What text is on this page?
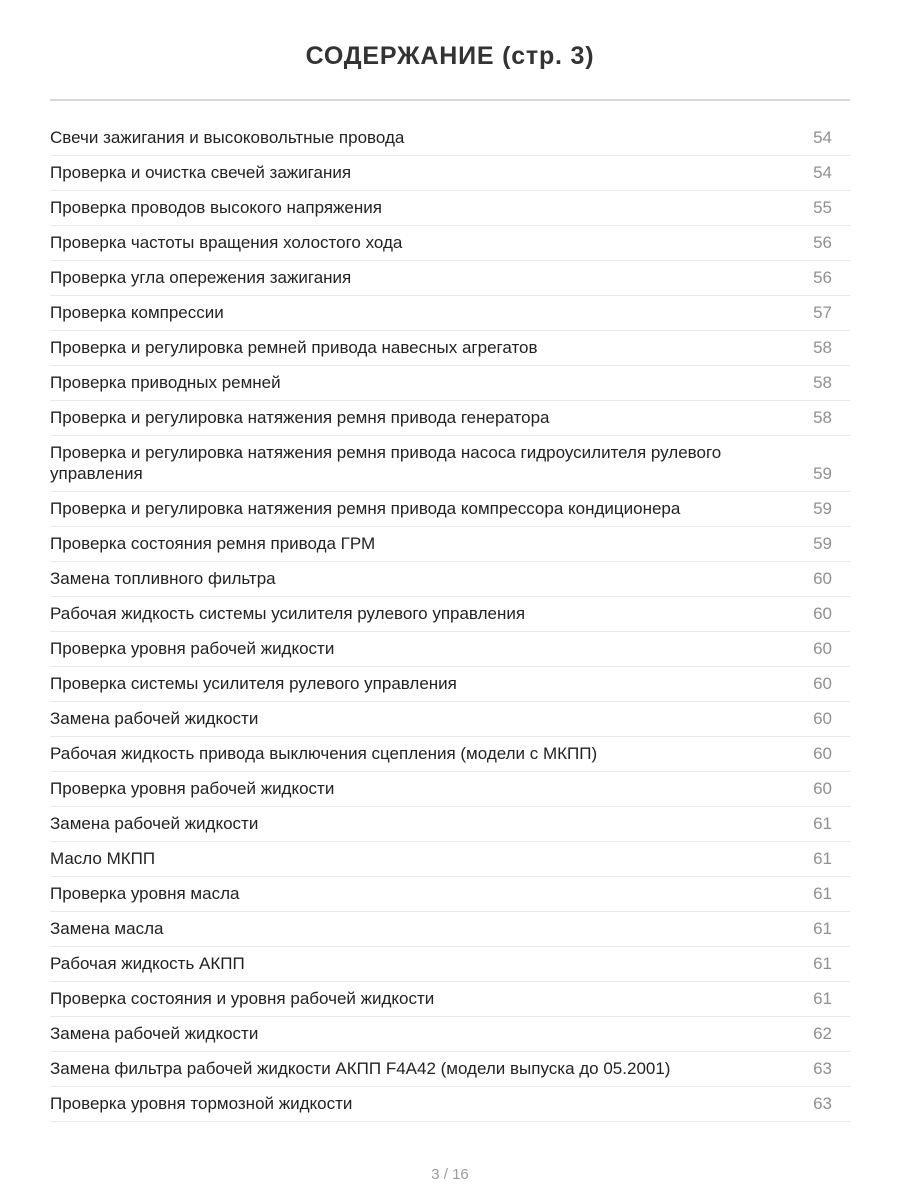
СОДЕРЖАНИЕ (стр. 3)
Свечи зажигания и высоковольтные провода	54
Проверка и очистка свечей зажигания	54
Проверка проводов высокого напряжения	55
Проверка частоты вращения холостого хода	56
Проверка угла опережения зажигания	56
Проверка компрессии	57
Проверка и регулировка ремней привода навесных агрегатов	58
Проверка приводных ремней	58
Проверка и регулировка натяжения ремня привода генератора	58
Проверка и регулировка натяжения ремня привода насоса гидроусилителя рулевого управления	59
Проверка и регулировка натяжения ремня привода компрессора кондиционера	59
Проверка состояния ремня привода ГРМ	59
Замена топливного фильтра	60
Рабочая жидкость системы усилителя рулевого управления	60
Проверка уровня рабочей жидкости	60
Проверка системы усилителя рулевого управления	60
Замена рабочей жидкости	60
Рабочая жидкость привода выключения сцепления (модели с МКПП)	60
Проверка уровня рабочей жидкости	60
Замена рабочей жидкости	61
Масло МКПП	61
Проверка уровня масла	61
Замена масла	61
Рабочая жидкость АКПП	61
Проверка состояния и уровня рабочей жидкости	61
Замена рабочей жидкости	62
Замена фильтра рабочей жидкости АКПП F4A42 (модели выпуска до 05.2001)	63
Проверка уровня тормозной жидкости	63
3 / 16
